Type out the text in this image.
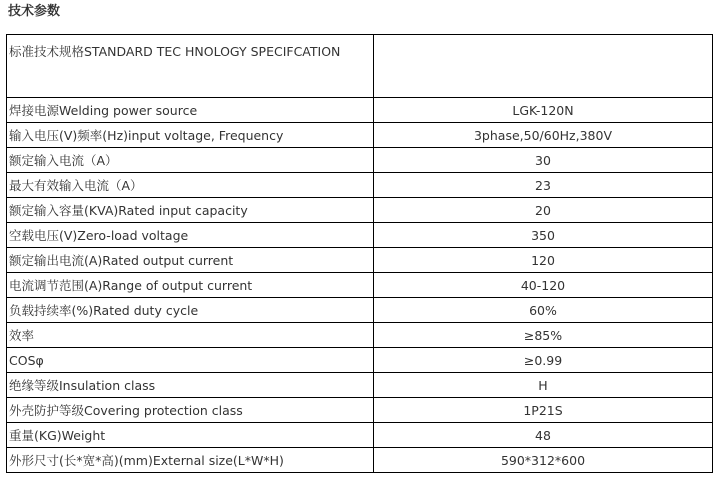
技术参数
标准技术规格STANDARD TEC HNOLOGY SPECIFCATION	
焊接电源Welding power source	LGK-120N
输入电压(V)频率(Hz)input voltage, Frequency	3phase,50/60Hz,380V
额定输入电流（A）	30
最大有效输入电流（A）	23
额定输入容量(KVA)Rated input capacity	20
空载电压(V)Zero-load voltage	350
额定输出电流(A)Rated output current	120
电流调节范围(A)Range of output current	40-120
负载持续率(%)Rated duty cycle	60%
效率	≥85%
COSφ	≥0.99
绝缘等级Insulation class	H
外壳防护等级Covering protection class	1P21S
重量(KG)Weight	48
外形尺寸(长*宽*高)(mm)External size(L*W*H)	590*312*600
